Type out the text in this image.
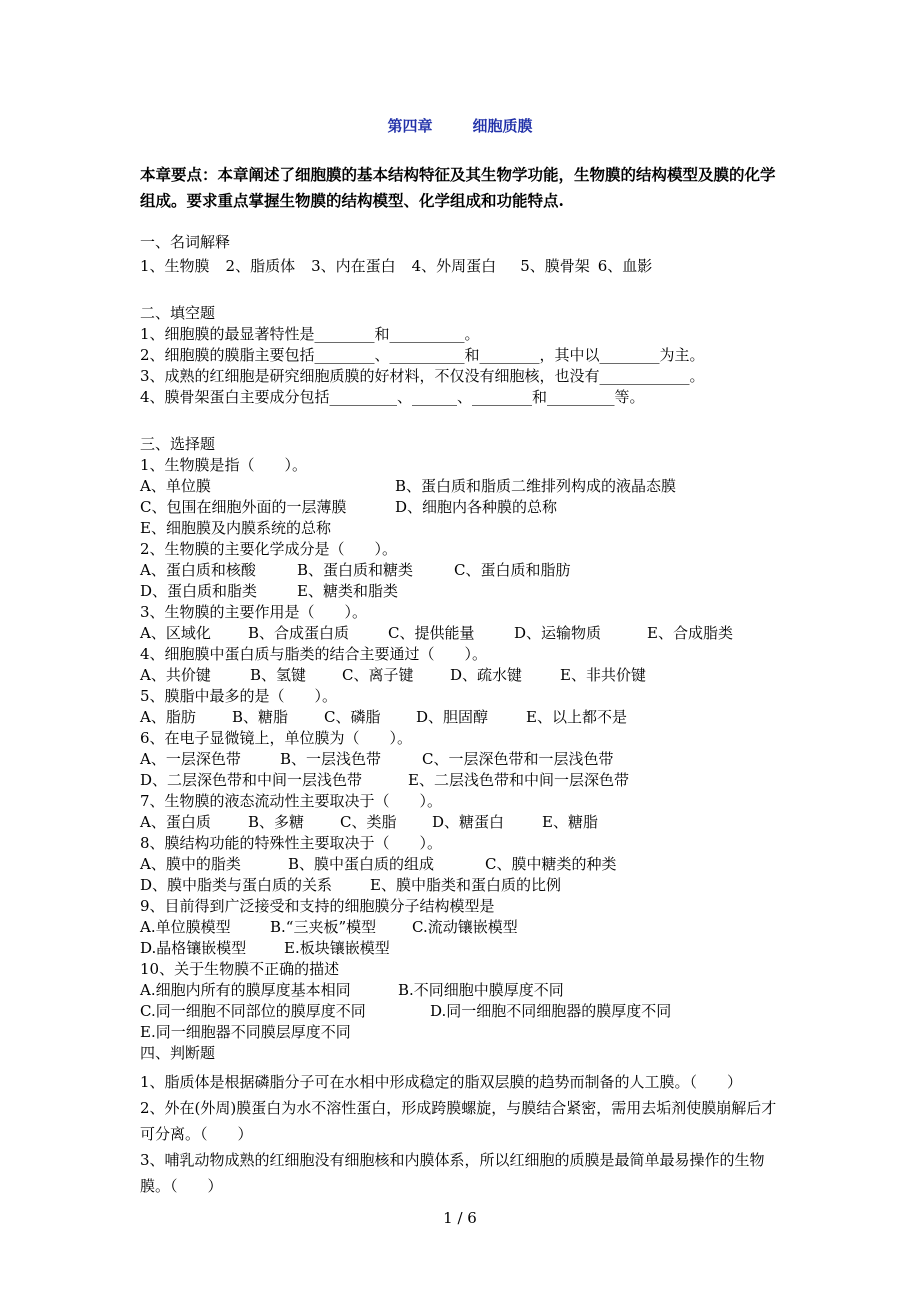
第四章	细胞质膜
本章要点：本章阐述了细胞膜的基本结构特征及其生物学功能，生物膜的结构模型及膜的化学组成。要求重点掌握生物膜的结构模型、化学组成和功能特点.
一、名词解释
1、生物膜 2、脂质体 3、内在蛋白 4、外周蛋白 5、膜骨架 6、血影
二、填空题
1、细胞膜的最显著特性是________和__________。
2、细胞膜的膜脂主要包括________、__________和________，其中以________为主。
3、成熟的红细胞是研究细胞质膜的好材料，不仅没有细胞核，也没有____________。
4、膜骨架蛋白主要成分包括_________、______、________和_________等。
三、选择题
1、生物膜是指（　　）。
A、单位膜	B、蛋白质和脂质二维排列构成的液晶态膜
C、包围在细胞外面的一层薄膜	D、细胞内各种膜的总称
E、细胞膜及内膜系统的总称
2、生物膜的主要化学成分是（　　）。
A、蛋白质和核酸	B、蛋白质和糖类	C、蛋白质和脂肪
D、蛋白质和脂类	E、糖类和脂类
3、生物膜的主要作用是（　　）。
A、区域化 B、合成蛋白质	C、提供能量	D、运输物质	E、合成脂类
4、细胞膜中蛋白质与脂类的结合主要通过（　　）。
A、共价键	B、氢键 C、离子键 D、疏水键	E、非共价键
5、膜脂中最多的是（　　）。
A、脂肪 B、糖脂 C、磷脂 D、胆固醇	E、以上都不是
6、在电子显微镜上，单位膜为（　　）。
A、一层深色带	B、一层浅色带	C、一层深色带和一层浅色带
D、二层深色带和中间一层浅色带	E、二层浅色带和中间一层深色带
7、生物膜的液态流动性主要取决于（　　）。
A、蛋白质 B、多糖 C、类脂 D、糖蛋白	E、糖脂
8、膜结构功能的特殊性主要取决于（　　）。
A、膜中的脂类	B、膜中蛋白质的组成	C、膜中糖类的种类
D、膜中脂类与蛋白质的关系	E、膜中脂类和蛋白质的比例
9、目前得到广泛接受和支持的细胞膜分子结构模型是
A.单位膜模型	B.“三夹板”模型 C.流动镶嵌模型
D.晶格镶嵌模型	E.板块镶嵌模型
10、关于生物膜不正确的描述
A.细胞内所有的膜厚度基本相同	B.不同细胞中膜厚度不同
C.同一细胞不同部位的膜厚度不同	D.同一细胞不同细胞器的膜厚度不同
E.同一细胞器不同膜层厚度不同
四、判断题
1、脂质体是根据磷脂分子可在水相中形成稳定的脂双层膜的趋势而制备的人工膜。（　　）
2、外在(外周)膜蛋白为水不溶性蛋白，形成跨膜螺旋，与膜结合紧密，需用去垢剂使膜崩解后才可分离。（　　）
3、哺乳动物成熟的红细胞没有细胞核和内膜体系，所以红细胞的质膜是最简单最易操作的生物膜。（　　）
1 / 6
